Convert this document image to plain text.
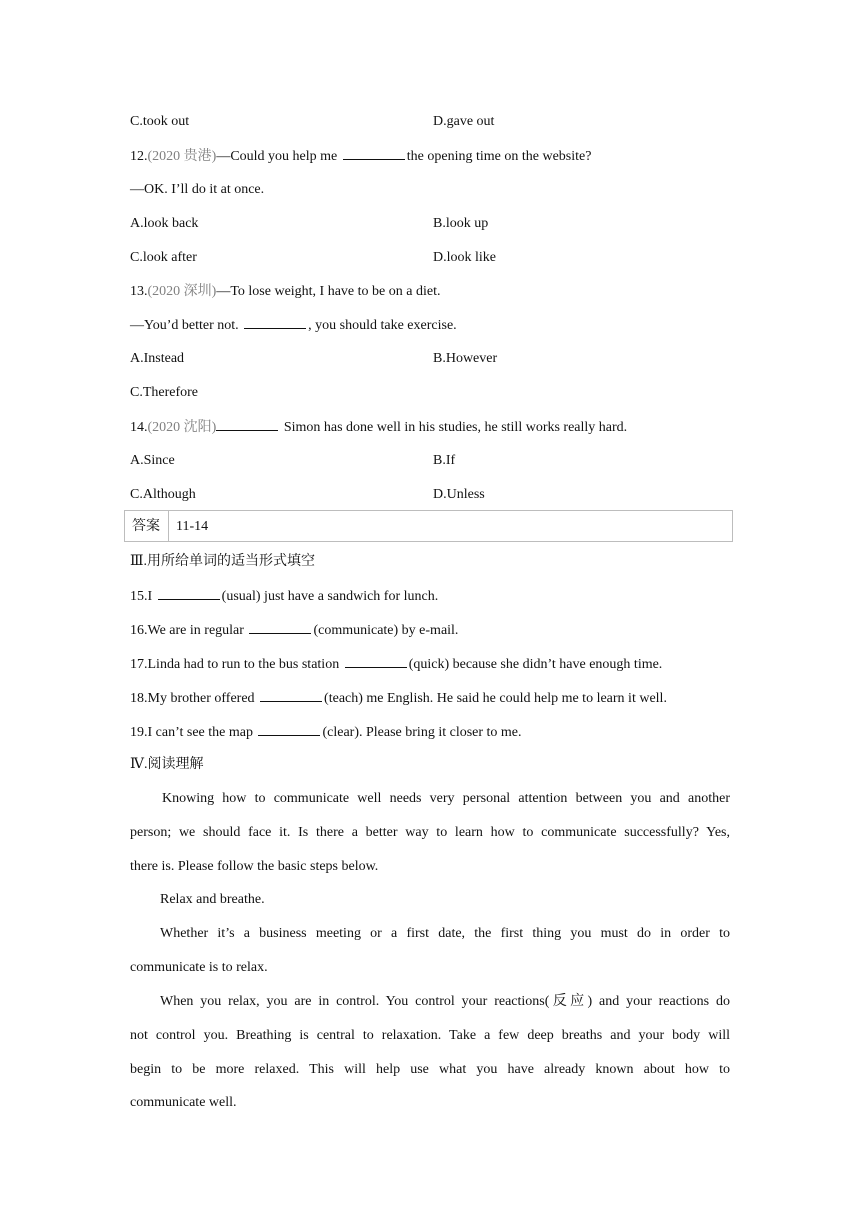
C.took out	D.gave out
12.(2020 贵港)—Could you help me	the opening time on the website?
—OK. I’ll do it at once.
A.look back	B.look up
C.look after	D.look like
13.(2020 深圳)—To lose weight, I have to be on a diet.
—You’d better not.	, you should take exercise.
A.Instead	B.However
C.Therefore
14.(2020 沈阳)	Simon has done well in his studies, he still works really hard.
A.Since	B.If
C.Although	D.Unless
答案 11-14
Ⅲ.用所给单词的适当形式填空
15.I	(usual) just have a sandwich for lunch.
16.We are in regular	(communicate) by e-mail.
17.Linda had to run to the bus station	(quick) because she didn’t have enough time.
18.My brother offered	(teach) me English. He said he could help me to learn it well.
19.I can’t see the map	(clear). Please bring it closer to me.
Ⅳ.阅读理解
Knowing how to communicate well needs very personal attention between you and another
person; we should face it. Is there a better way to learn how to communicate successfully? Yes,
there is. Please follow the basic steps below.
Relax and breathe.
Whether it’s a business meeting or a first date, the first thing you must do in order to
communicate is to relax.
When you relax, you are in control. You control your reactions(反应) and your reactions do
not control you. Breathing is central to relaxation. Take a few deep breaths and your body will
begin to be more relaxed. This will help use what you have already known about how to
communicate well.
